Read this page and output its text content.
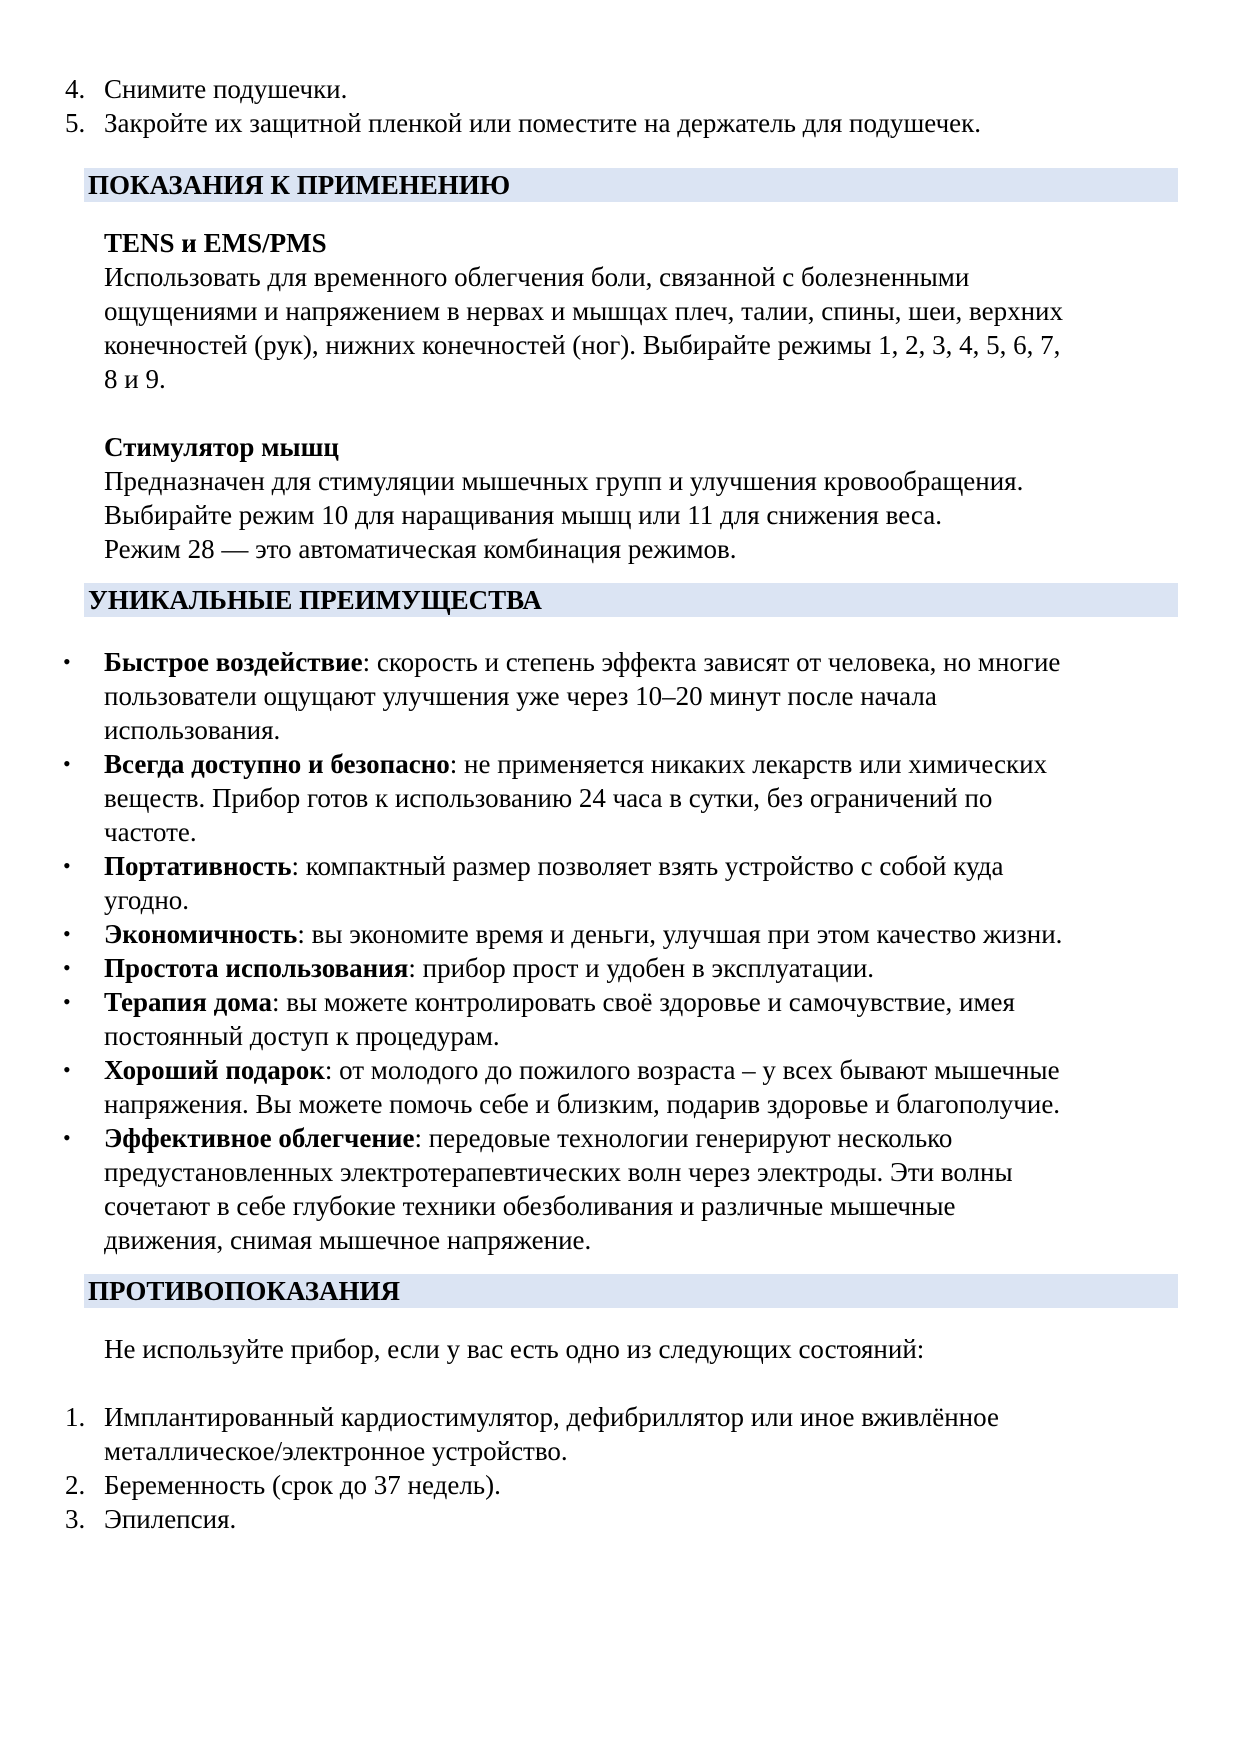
4. Снимите подушечки.
5. Закройте их защитной пленкой или поместите на держатель для подушечек.
ПОКАЗАНИЯ К ПРИМЕНЕНИЮ
TENS и EMS/PMS
Использовать для временного облегчения боли, связанной с болезненными
ощущениями и напряжением в нервах и мышцах плеч, талии, спины, шеи, верхних
конечностей (рук), нижних конечностей (ног). Выбирайте режимы 1, 2, 3, 4, 5, 6, 7,
8 и 9.
Стимулятор мышц
Предназначен для стимуляции мышечных групп и улучшения кровообращения.
Выбирайте режим 10 для наращивания мышц или 11 для снижения веса.
Режим 28 — это автоматическая комбинация режимов.
УНИКАЛЬНЫЕ ПРЕИМУЩЕСТВА
• Быстрое воздействие: скорость и степень эффекта зависят от человека, но многие
пользователи ощущают улучшения уже через 10–20 минут после начала
использования.
• Всегда доступно и безопасно: не применяется никаких лекарств или химических
веществ. Прибор готов к использованию 24 часа в сутки, без ограничений по
частоте.
• Портативность: компактный размер позволяет взять устройство с собой куда
угодно.
• Экономичность: вы экономите время и деньги, улучшая при этом качество жизни.
• Простота использования: прибор прост и удобен в эксплуатации.
• Терапия дома: вы можете контролировать своё здоровье и самочувствие, имея
постоянный доступ к процедурам.
• Хороший подарок: от молодого до пожилого возраста – у всех бывают мышечные
напряжения. Вы можете помочь себе и близким, подарив здоровье и благополучие.
• Эффективное облегчение: передовые технологии генерируют несколько
предустановленных электротерапевтических волн через электроды. Эти волны
сочетают в себе глубокие техники обезболивания и различные мышечные
движения, снимая мышечное напряжение.
ПРОТИВОПОКАЗАНИЯ
Не используйте прибор, если у вас есть одно из следующих состояний:
1. Имплантированный кардиостимулятор, дефибриллятор или иное вживлённое
металлическое/электронное устройство.
2. Беременность (срок до 37 недель).
3. Эпилепсия.
